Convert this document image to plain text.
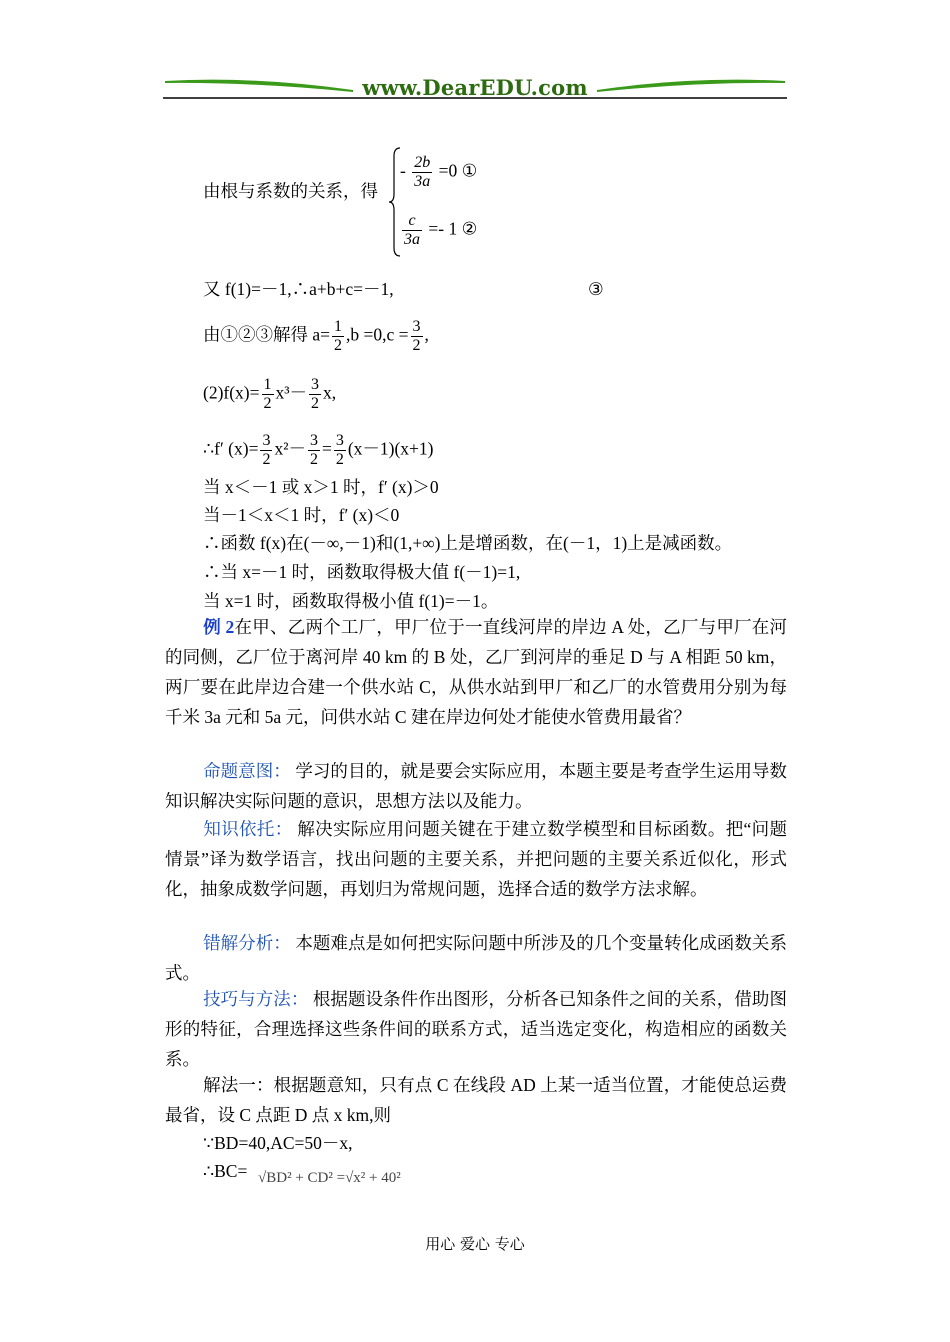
www.DearEDU.com
由根与系数的关系，得
- $\frac{2b}{3a} =0$ ①
$\frac{c}{3a} =- 1$ ②
又 f(1)=－1,∴a+b+c=－1,	③
由①②③解得 $a= \frac{1}{2} ,b =0,c = \frac{3}{2}$ ,
$(2)f(x)= \frac{1}{2} x^3- \frac{3}{2} x$,
∴f′ $(x)= \frac{3}{2} x^2- \frac{3}{2} = \frac{3}{2} (x-1)(x+1)$
当 x＜－1 或 x＞1 时，f′ (x)＞0
当－1＜x＜1 时，f′ (x)＜0
∴函数 f(x)在(－∞,－1)和(1,+∞)上是增函数，在(－1，1)上是减函数。
∴当 x=－1 时，函数取得极大值 f(－1)=1,
当 x=1 时，函数取得极小值 f(1)=－1。
例 2在甲、乙两个工厂，甲厂位于一直线河岸的岸边 A 处，乙厂与甲厂在河的同侧，乙厂位于离河岸 40 km 的 B 处，乙厂到河岸的垂足 D 与 A 相距 50 km，两厂要在此岸边合建一个供水站 C，从供水站到甲厂和乙厂的水管费用分别为每千米 3a 元和 5a 元，问供水站 C 建在岸边何处才能使水管费用最省？
命题意图： 学习的目的，就是要会实际应用，本题主要是考查学生运用导数知识解决实际问题的意识，思想方法以及能力。
知识依托： 解决实际应用问题关键在于建立数学模型和目标函数。把“问题情景”译为数学语言，找出问题的主要关系，并把问题的主要关系近似化，形式化，抽象成数学问题，再划归为常规问题，选择合适的数学方法求解。
错解分析： 本题难点是如何把实际问题中所涉及的几个变量转化成函数关系式。
技巧与方法： 根据题设条件作出图形，分析各已知条件之间的关系，借助图形的特征，合理选择这些条件间的联系方式，适当选定变化，构造相应的函数关系。
解法一：根据题意知，只有点 C 在线段 AD 上某一适当位置，才能使总运费最省，设 C 点距 D 点 x km,则
∵BD=40,AC=50－x,
∴BC= √BD² + CD² =√x² + 40²
用心 爱心 专心
